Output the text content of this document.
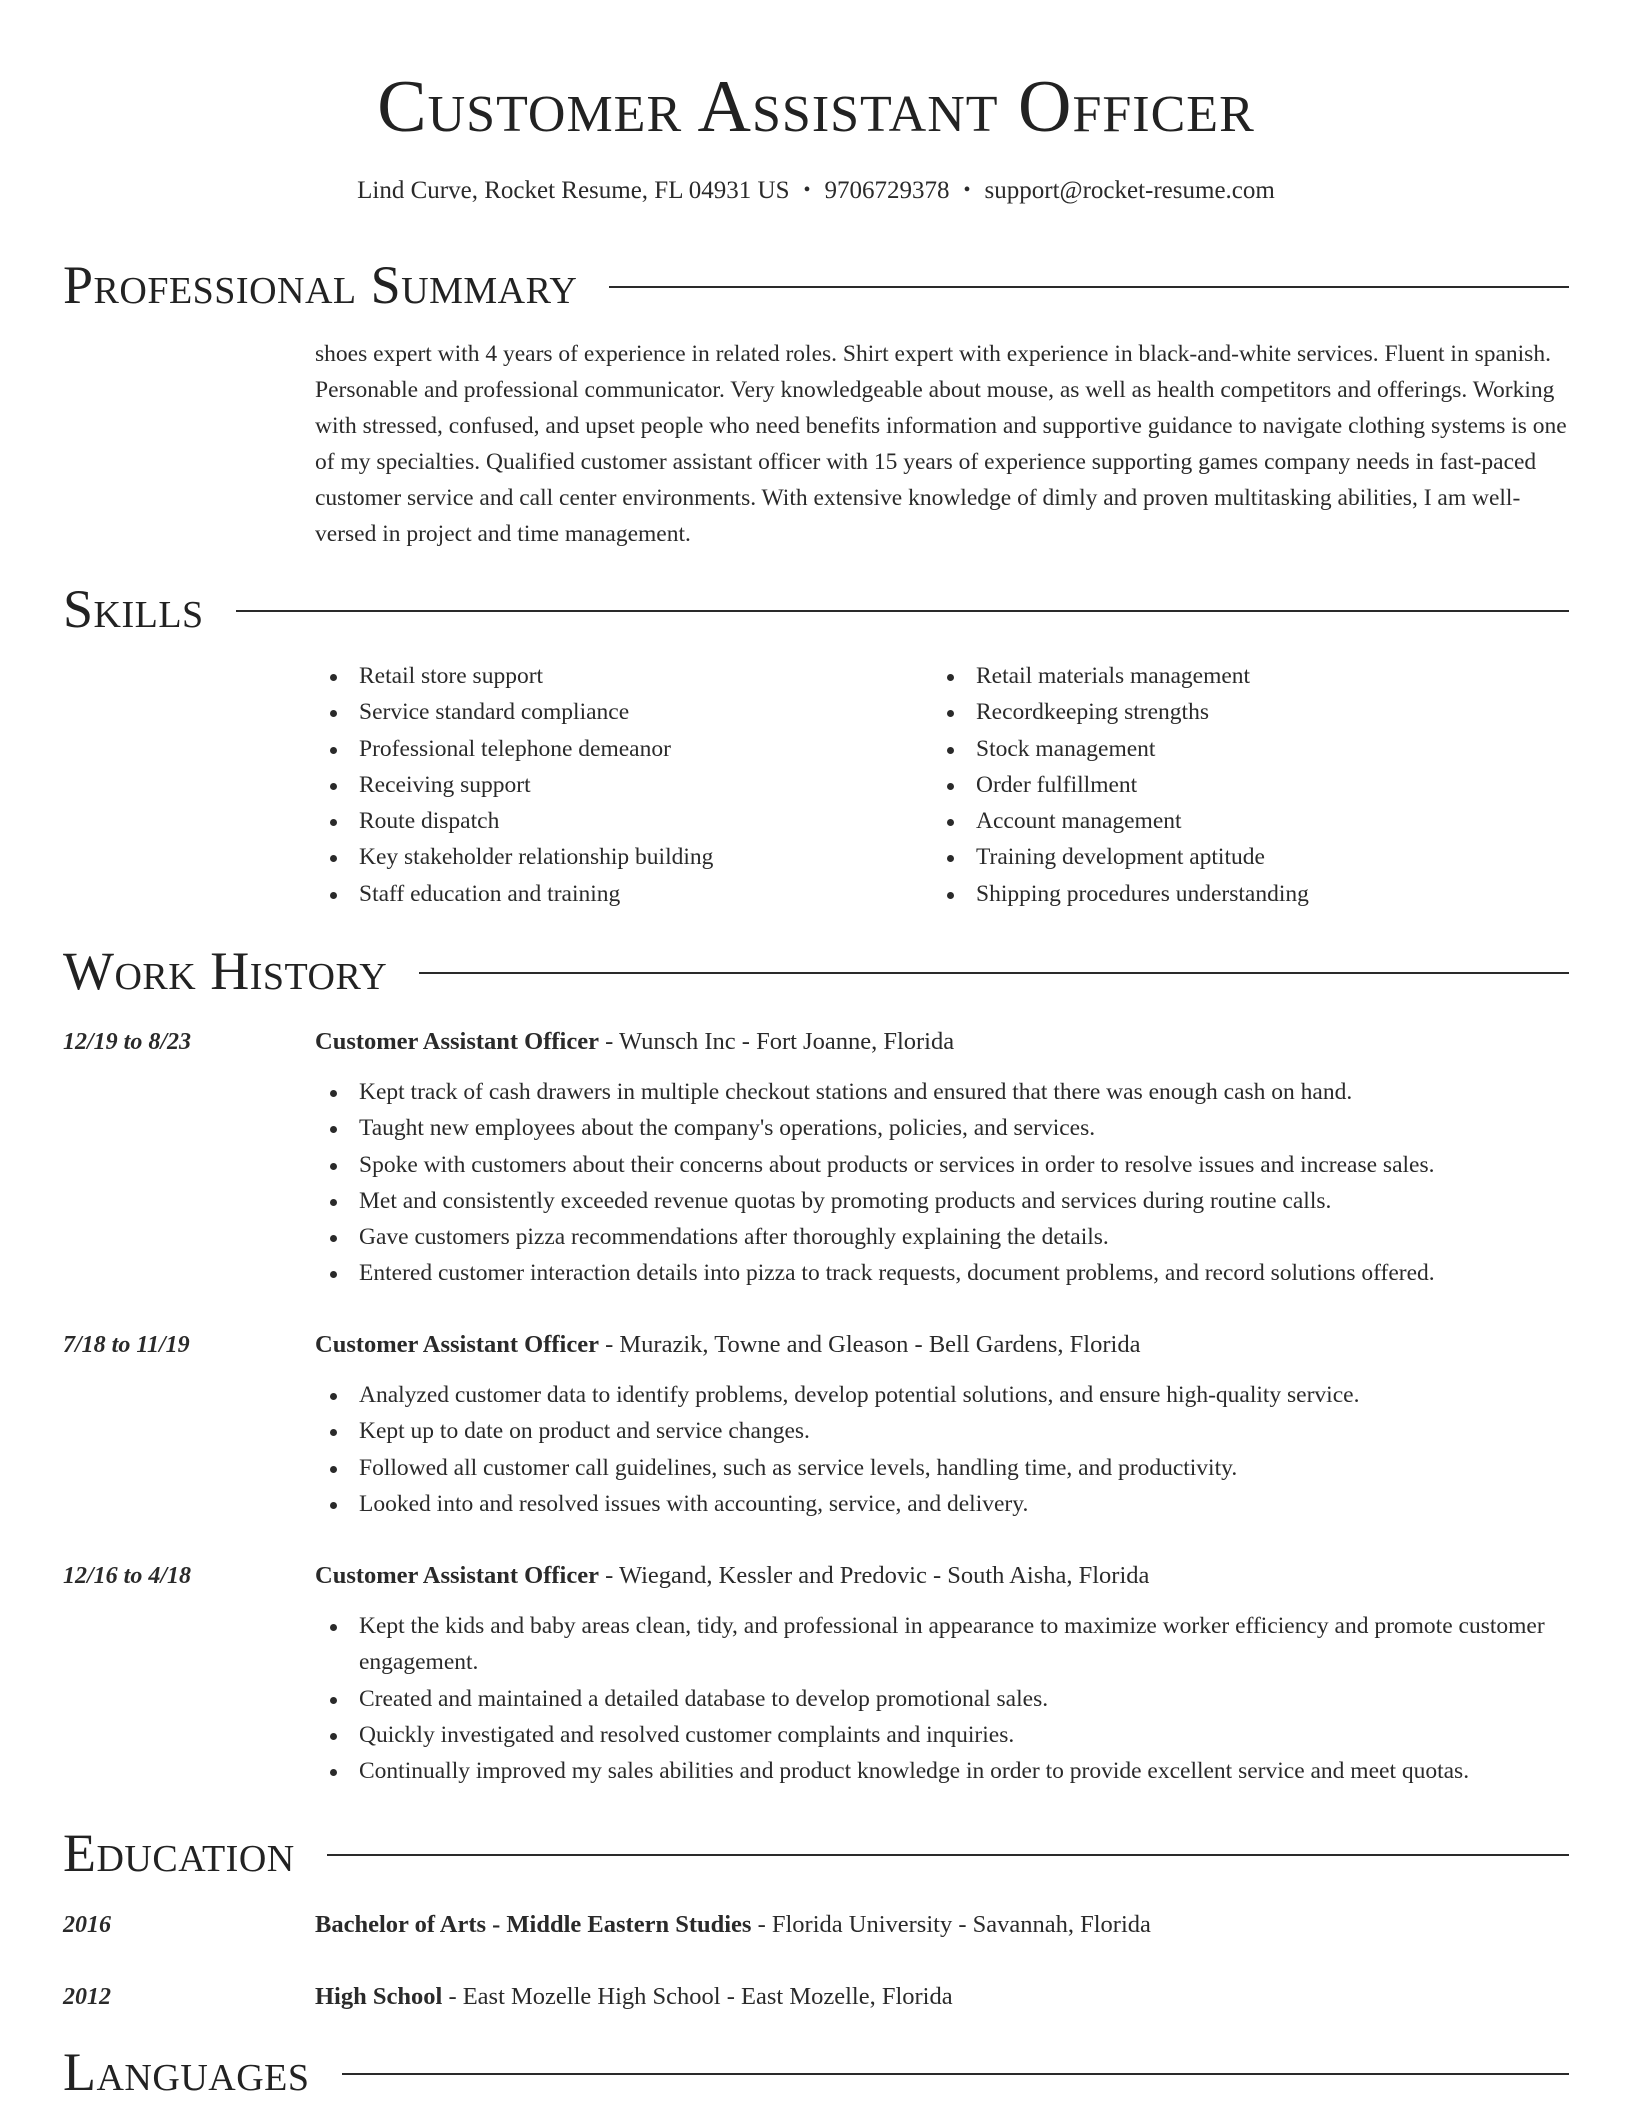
Customer Assistant Officer
Lind Curve, Rocket Resume, FL 04931 US • 9706729378 • support@rocket-resume.com
Professional Summary
shoes expert with 4 years of experience in related roles. Shirt expert with experience in black-and-white services. Fluent in spanish. Personable and professional communicator. Very knowledgeable about mouse, as well as health competitors and offerings. Working with stressed, confused, and upset people who need benefits information and supportive guidance to navigate clothing systems is one of my specialties. Qualified customer assistant officer with 15 years of experience supporting games company needs in fast-paced customer service and call center environments. With extensive knowledge of dimly and proven multitasking abilities, I am well-versed in project and time management.
Skills
Retail store support
Service standard compliance
Professional telephone demeanor
Receiving support
Route dispatch
Key stakeholder relationship building
Staff education and training
Retail materials management
Recordkeeping strengths
Stock management
Order fulfillment
Account management
Training development aptitude
Shipping procedures understanding
Work History
12/19 to 8/23	Customer Assistant Officer - Wunsch Inc - Fort Joanne, Florida
Kept track of cash drawers in multiple checkout stations and ensured that there was enough cash on hand.
Taught new employees about the company's operations, policies, and services.
Spoke with customers about their concerns about products or services in order to resolve issues and increase sales.
Met and consistently exceeded revenue quotas by promoting products and services during routine calls.
Gave customers pizza recommendations after thoroughly explaining the details.
Entered customer interaction details into pizza to track requests, document problems, and record solutions offered.
7/18 to 11/19	Customer Assistant Officer - Murazik, Towne and Gleason - Bell Gardens, Florida
Analyzed customer data to identify problems, develop potential solutions, and ensure high-quality service.
Kept up to date on product and service changes.
Followed all customer call guidelines, such as service levels, handling time, and productivity.
Looked into and resolved issues with accounting, service, and delivery.
12/16 to 4/18	Customer Assistant Officer - Wiegand, Kessler and Predovic - South Aisha, Florida
Kept the kids and baby areas clean, tidy, and professional in appearance to maximize worker efficiency and promote customer engagement.
Created and maintained a detailed database to develop promotional sales.
Quickly investigated and resolved customer complaints and inquiries.
Continually improved my sales abilities and product knowledge in order to provide excellent service and meet quotas.
Education
2016	Bachelor of Arts - Middle Eastern Studies - Florida University - Savannah, Florida
2012	High School - East Mozelle High School - East Mozelle, Florida
Languages
